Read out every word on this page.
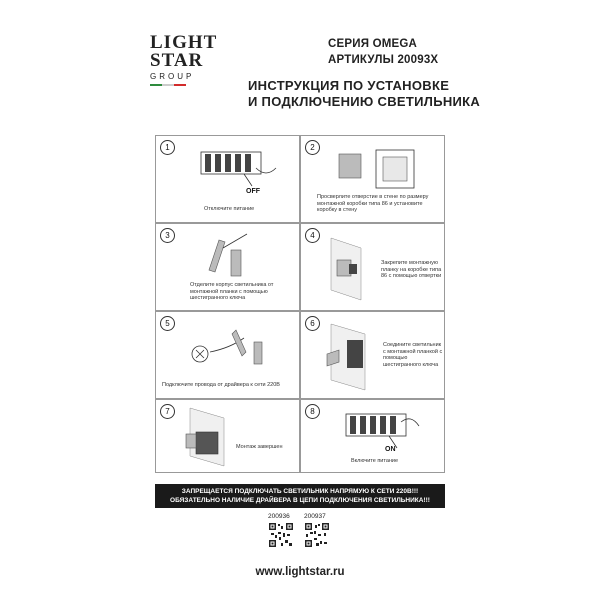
LIGHT
STAR
GROUP
СЕРИЯ OMEGA
АРТИКУЛЫ 20093X
ИНСТРУКЦИЯ ПО УСТАНОВКЕ
И ПОДКЛЮЧЕНИЮ СВЕТИЛЬНИКА
1
OFF
Отключите питание
2
Просверлите отверстие в стене по размеру монтажной коробки типа 86 и установите коробку в стену
3
Отделите корпус светильника от монтажной планки с помощью шестигранного ключа
4
Закрепите монтажную планку на коробке типа 86 с помощью отвертки
5
Подключите провода от драйвера к сети 220В
6
Соедините светильник с монтажной планкой с помощью шестигранного ключа
7
Монтаж завершен
8
ON
Включите питание
ЗАПРЕЩАЕТСЯ ПОДКЛЮЧАТЬ СВЕТИЛЬНИК НАПРЯМУЮ К СЕТИ 220В!!!
ОБЯЗАТЕЛЬНО НАЛИЧИЕ ДРАЙВЕРА В ЦЕПИ ПОДКЛЮЧЕНИЯ СВЕТИЛЬНИКА!!!
200936 200937
www.lightstar.ru
